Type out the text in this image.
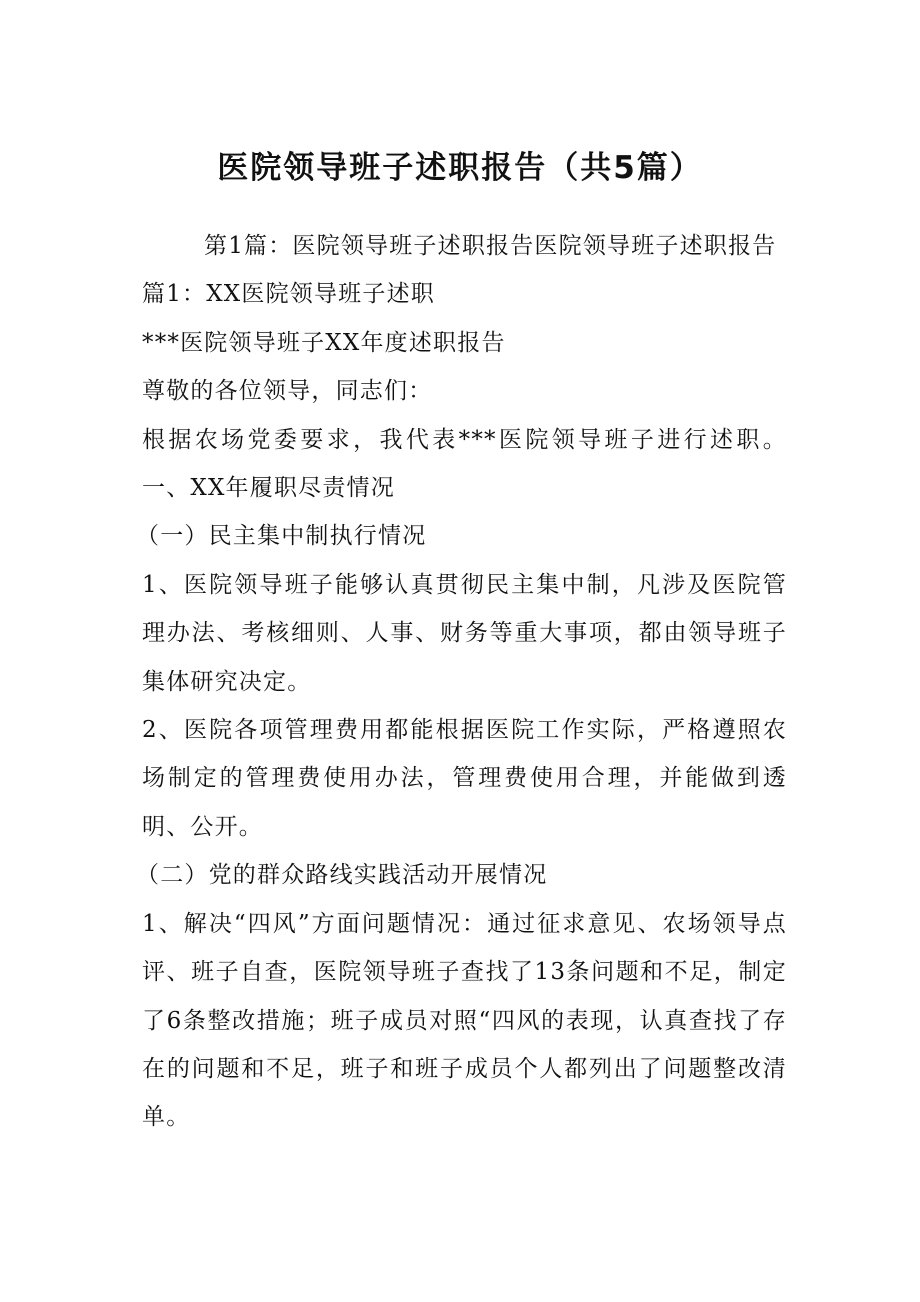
医院领导班子述职报告（共5篇）

第1篇：医院领导班子述职报告医院领导班子述职报告

篇1：XX医院领导班子述职

***医院领导班子XX年度述职报告

尊敬的各位领导，同志们：

根据农场党委要求，我代表***医院领导班子进行述职。 一、XX年履职尽责情况

（一）民主集中制执行情况

1、医院领导班子能够认真贯彻民主集中制，凡涉及医院管理办法、考核细则、人事、财务等重大事项，都由领导班子集体研究决定。

2、医院各项管理费用都能根据医院工作实际，严格遵照农场制定的管理费使用办法，管理费使用合理，并能做到透明、公开。

（二）党的群众路线实践活动开展情况

1、解决“四风”方面问题情况：通过征求意见、农场领导点评、班子自查，医院领导班子查找了13条问题和不足，制定了6条整改措施；班子成员对照“四风的表现，认真查找了存在的问题和不足，班子和班子成员个人都列出了问题整改清单。
